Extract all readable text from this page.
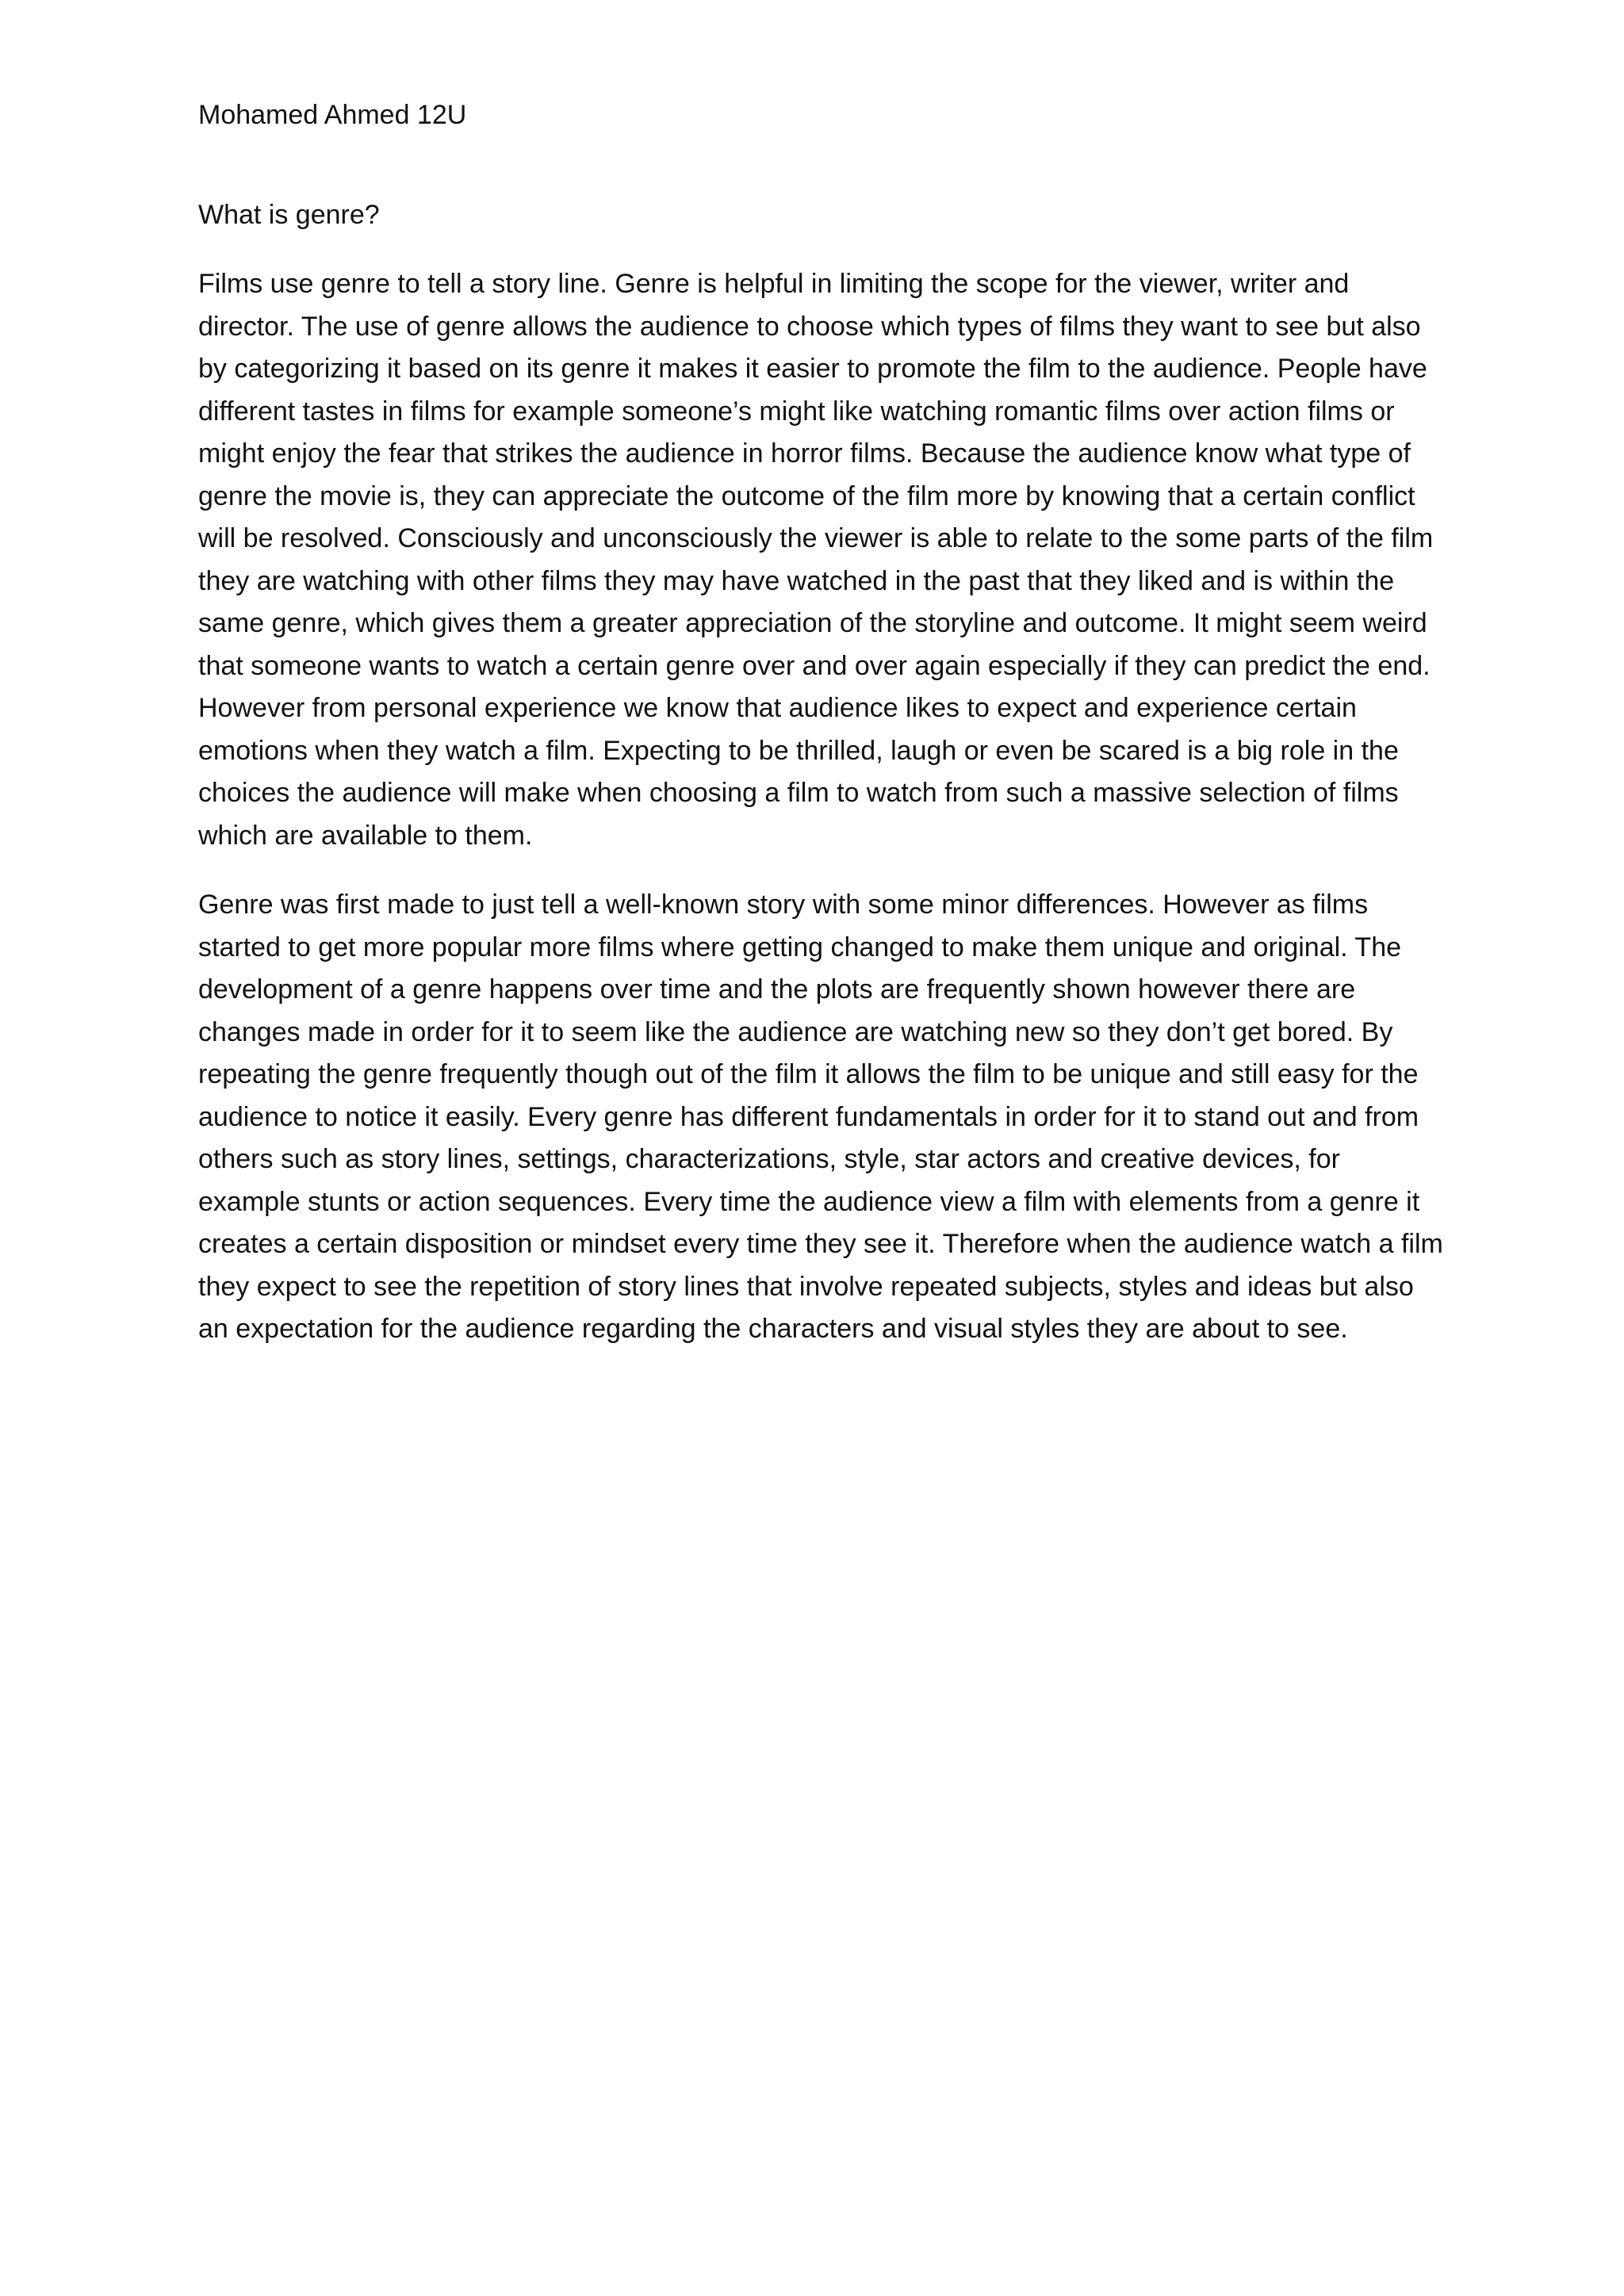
Mohamed Ahmed 12U

What is genre?

Films use genre to tell a story line. Genre is helpful in limiting the scope for the viewer, writer and director. The use of genre allows the audience to choose which types of films they want to see but also by categorizing it based on its genre it makes it easier to promote the film to the audience. People have different tastes in films for example someone’s might like watching romantic films over action films or might enjoy the fear that strikes the audience in horror films. Because the audience know what type of genre the movie is, they can appreciate the outcome of the film more by knowing that a certain conflict will be resolved. Consciously and unconsciously the viewer is able to relate to the some parts of the film they are watching with other films they may have watched in the past that they liked and is within the same genre, which gives them a greater appreciation of the storyline and outcome. It might seem weird that someone wants to watch a certain genre over and over again especially if they can predict the end. However from personal experience we know that audience likes to expect and experience certain emotions when they watch a film. Expecting to be thrilled, laugh or even be scared is a big role in the choices the audience will make when choosing a film to watch from such a massive selection of films which are available to them.

Genre was first made to just tell a well-known story with some minor differences. However as films started to get more popular more films where getting changed to make them unique and original. The development of a genre happens over time and the plots are frequently shown however there are changes made in order for it to seem like the audience are watching new so they don’t get bored. By repeating the genre frequently though out of the film it allows the film to be unique and still easy for the audience to notice it easily. Every genre has different fundamentals in order for it to stand out and from others such as story lines, settings, characterizations, style, star actors and creative devices, for example stunts or action sequences. Every time the audience view a film with elements from a genre it creates a certain disposition or mindset every time they see it. Therefore when the audience watch a film they expect to see the repetition of story lines that involve repeated subjects, styles and ideas but also an expectation for the audience regarding the characters and visual styles they are about to see.
